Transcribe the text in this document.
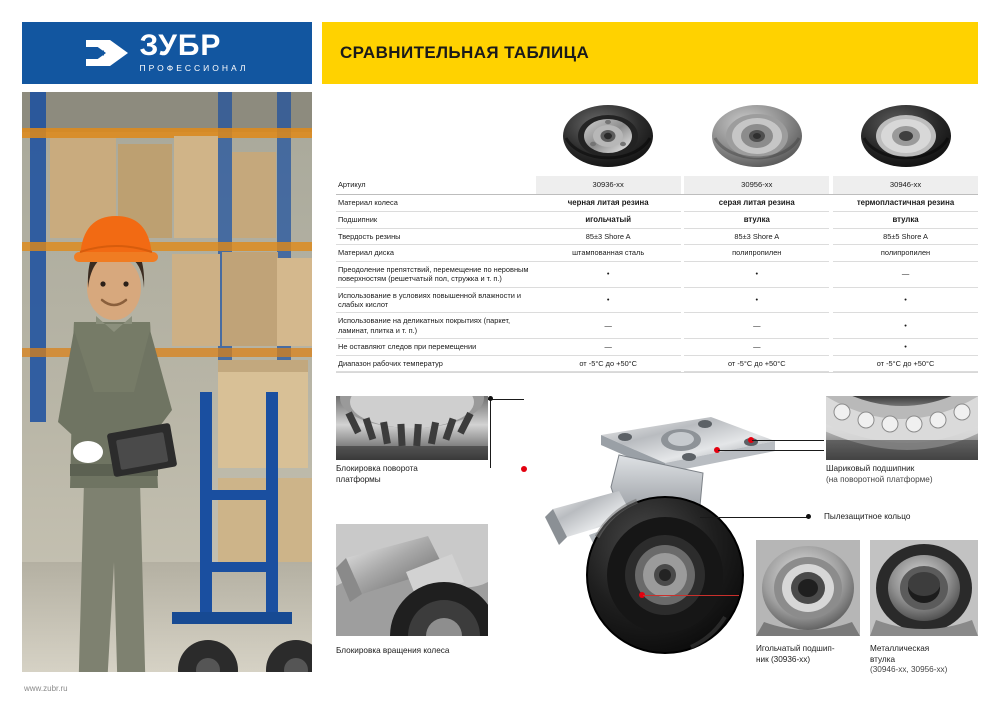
ЗУБР
ПРОФЕССИОНАЛ
СРАВНИТЕЛЬНАЯ ТАБЛИЦА
www.zubr.ru
Артикул	30936-хх		30956-хх		30946-хх
Материал колеса	черная литая резина		серая литая резина		термопластичная резина
Подшипник	игольчатый		втулка		втулка
Твердость резины	85±3 Shore A		85±3 Shore A		85±5 Shore A
Материал диска	штампованная сталь		полипропилен		полипропилен
Преодоление препятствий, перемещение по неровным поверхностям (решетчатый пол, стружка и т. п.)	•		•		—
Использование в условиях повышенной влажности и слабых кислот	•		•		•
Использование на деликатных покрытиях (паркет, ламинат, плитка и т. п.)	—		—		•
Не оставляют следов при перемещении	—		—		•
Диапазон рабочих температур	от -5°С до +50°С		от -5°С до +50°С		от -5°С до +50°С
Блокировка поворота
платформы
Шариковый подшипник
(на поворотной платформе)
Пылезащитное кольцо
Блокировка вращения колеса	Игольчатый подшип-
ник (30936-хх)
Металлическая
втулка
(30946-хх, 30956-хх)
